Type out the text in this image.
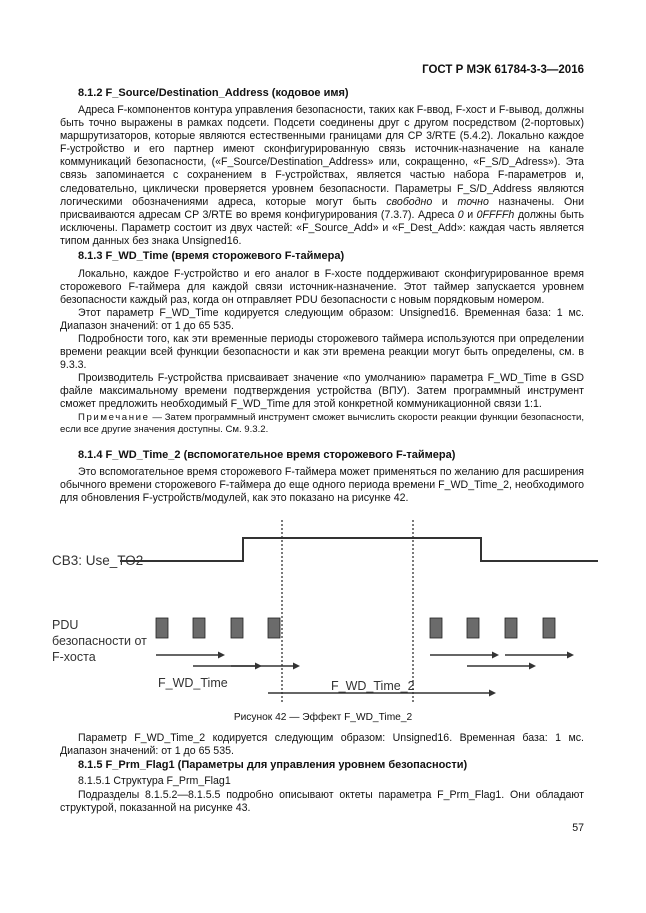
ГОСТ Р МЭК 61784-3-3—2016
8.1.2 F_Source/Destination_Address (кодовое имя)

Адреса F-компонентов контура управления безопасности, таких как F-ввод, F-хост и F-вывод, должны быть точно выражены в рамках подсети. Подсети соединены друг с другом посредством (2-портовых) маршрутизаторов, которые являются естественными границами для CP 3/RTE (5.4.2). Локально каждое F-устройство и его партнер имеют сконфигурированную связь источник-назначение на канале коммуникаций безопасности, («F_Source/Destination_Address» или, сокращенно, «F_S/D_Adress»). Эта связь запоминается с сохранением в F-устройствах, является частью набора F-параметров и, следовательно, циклически проверяется уровнем безопасности. Параметры F_S/D_Address являются логическими обозначениями адреса, которые могут быть свободно и точно назначены. Они присваиваются адресам CP 3/RTE во время конфигурирования (7.3.7). Адреса 0 и 0FFFFh должны быть исключены. Параметр состоит из двух частей: «F_Source_Add» и «F_Dest_Add»: каждая часть является типом данных без знака Unsigned16.

8.1.3 F_WD_Time (время сторожевого F-таймера)

Локально, каждое F-устройство и его аналог в F-хосте поддерживают сконфигурированное время сторожевого F-таймера для каждой связи источник-назначение. Этот таймер запускается уровнем безопасности каждый раз, когда он отправляет PDU безопасности с новым порядковым номером.

Этот параметр F_WD_Time кодируется следующим образом: Unsigned16. Временная база: 1 мс. Диапазон значений: от 1 до 65 535.

Подробности того, как эти временные периоды сторожевого таймера используются при определении времени реакции всей функции безопасности и как эти времена реакции могут быть определены, см. в 9.3.3.

Производитель F-устройства присваивает значение «по умолчанию» параметра F_WD_Time в GSD файле максимальному времени подтверждения устройства (ВПУ). Затем программный инструмент сможет предложить необходимый F_WD_Time для этой конкретной коммуникационной связи 1:1.

Примечание — Затем программный инструмент сможет вычислить скорости реакции функции безопасности, если все другие значения доступны. См. 9.3.2.

8.1.4 F_WD_Time_2 (вспомогательное время сторожевого F-таймера)

Это вспомогательное время сторожевого F-таймера может применяться по желанию для расширения обычного времени сторожевого F-таймера до еще одного периода времени F_WD_Time_2, необходимого для обновления F-устройств/модулей, как это показано на рисунке 42.

CB3: Use_TO2
PDU
безопасности от
F-хоста
F_WD_Time	F_WD_Time_2
Рисунок 42 — Эффект F_WD_Time_2

Параметр F_WD_Time_2 кодируется следующим образом: Unsigned16. Временная база: 1 мс. Диапазон значений: от 1 до 65 535.

8.1.5 F_Prm_Flag1 (Параметры для управления уровнем безопасности)

8.1.5.1 Структура F_Prm_Flag1

Подразделы 8.1.5.2—8.1.5.5 подробно описывают октеты параметра F_Prm_Flag1. Они обладают структурой, показанной на рисунке 43.

57
